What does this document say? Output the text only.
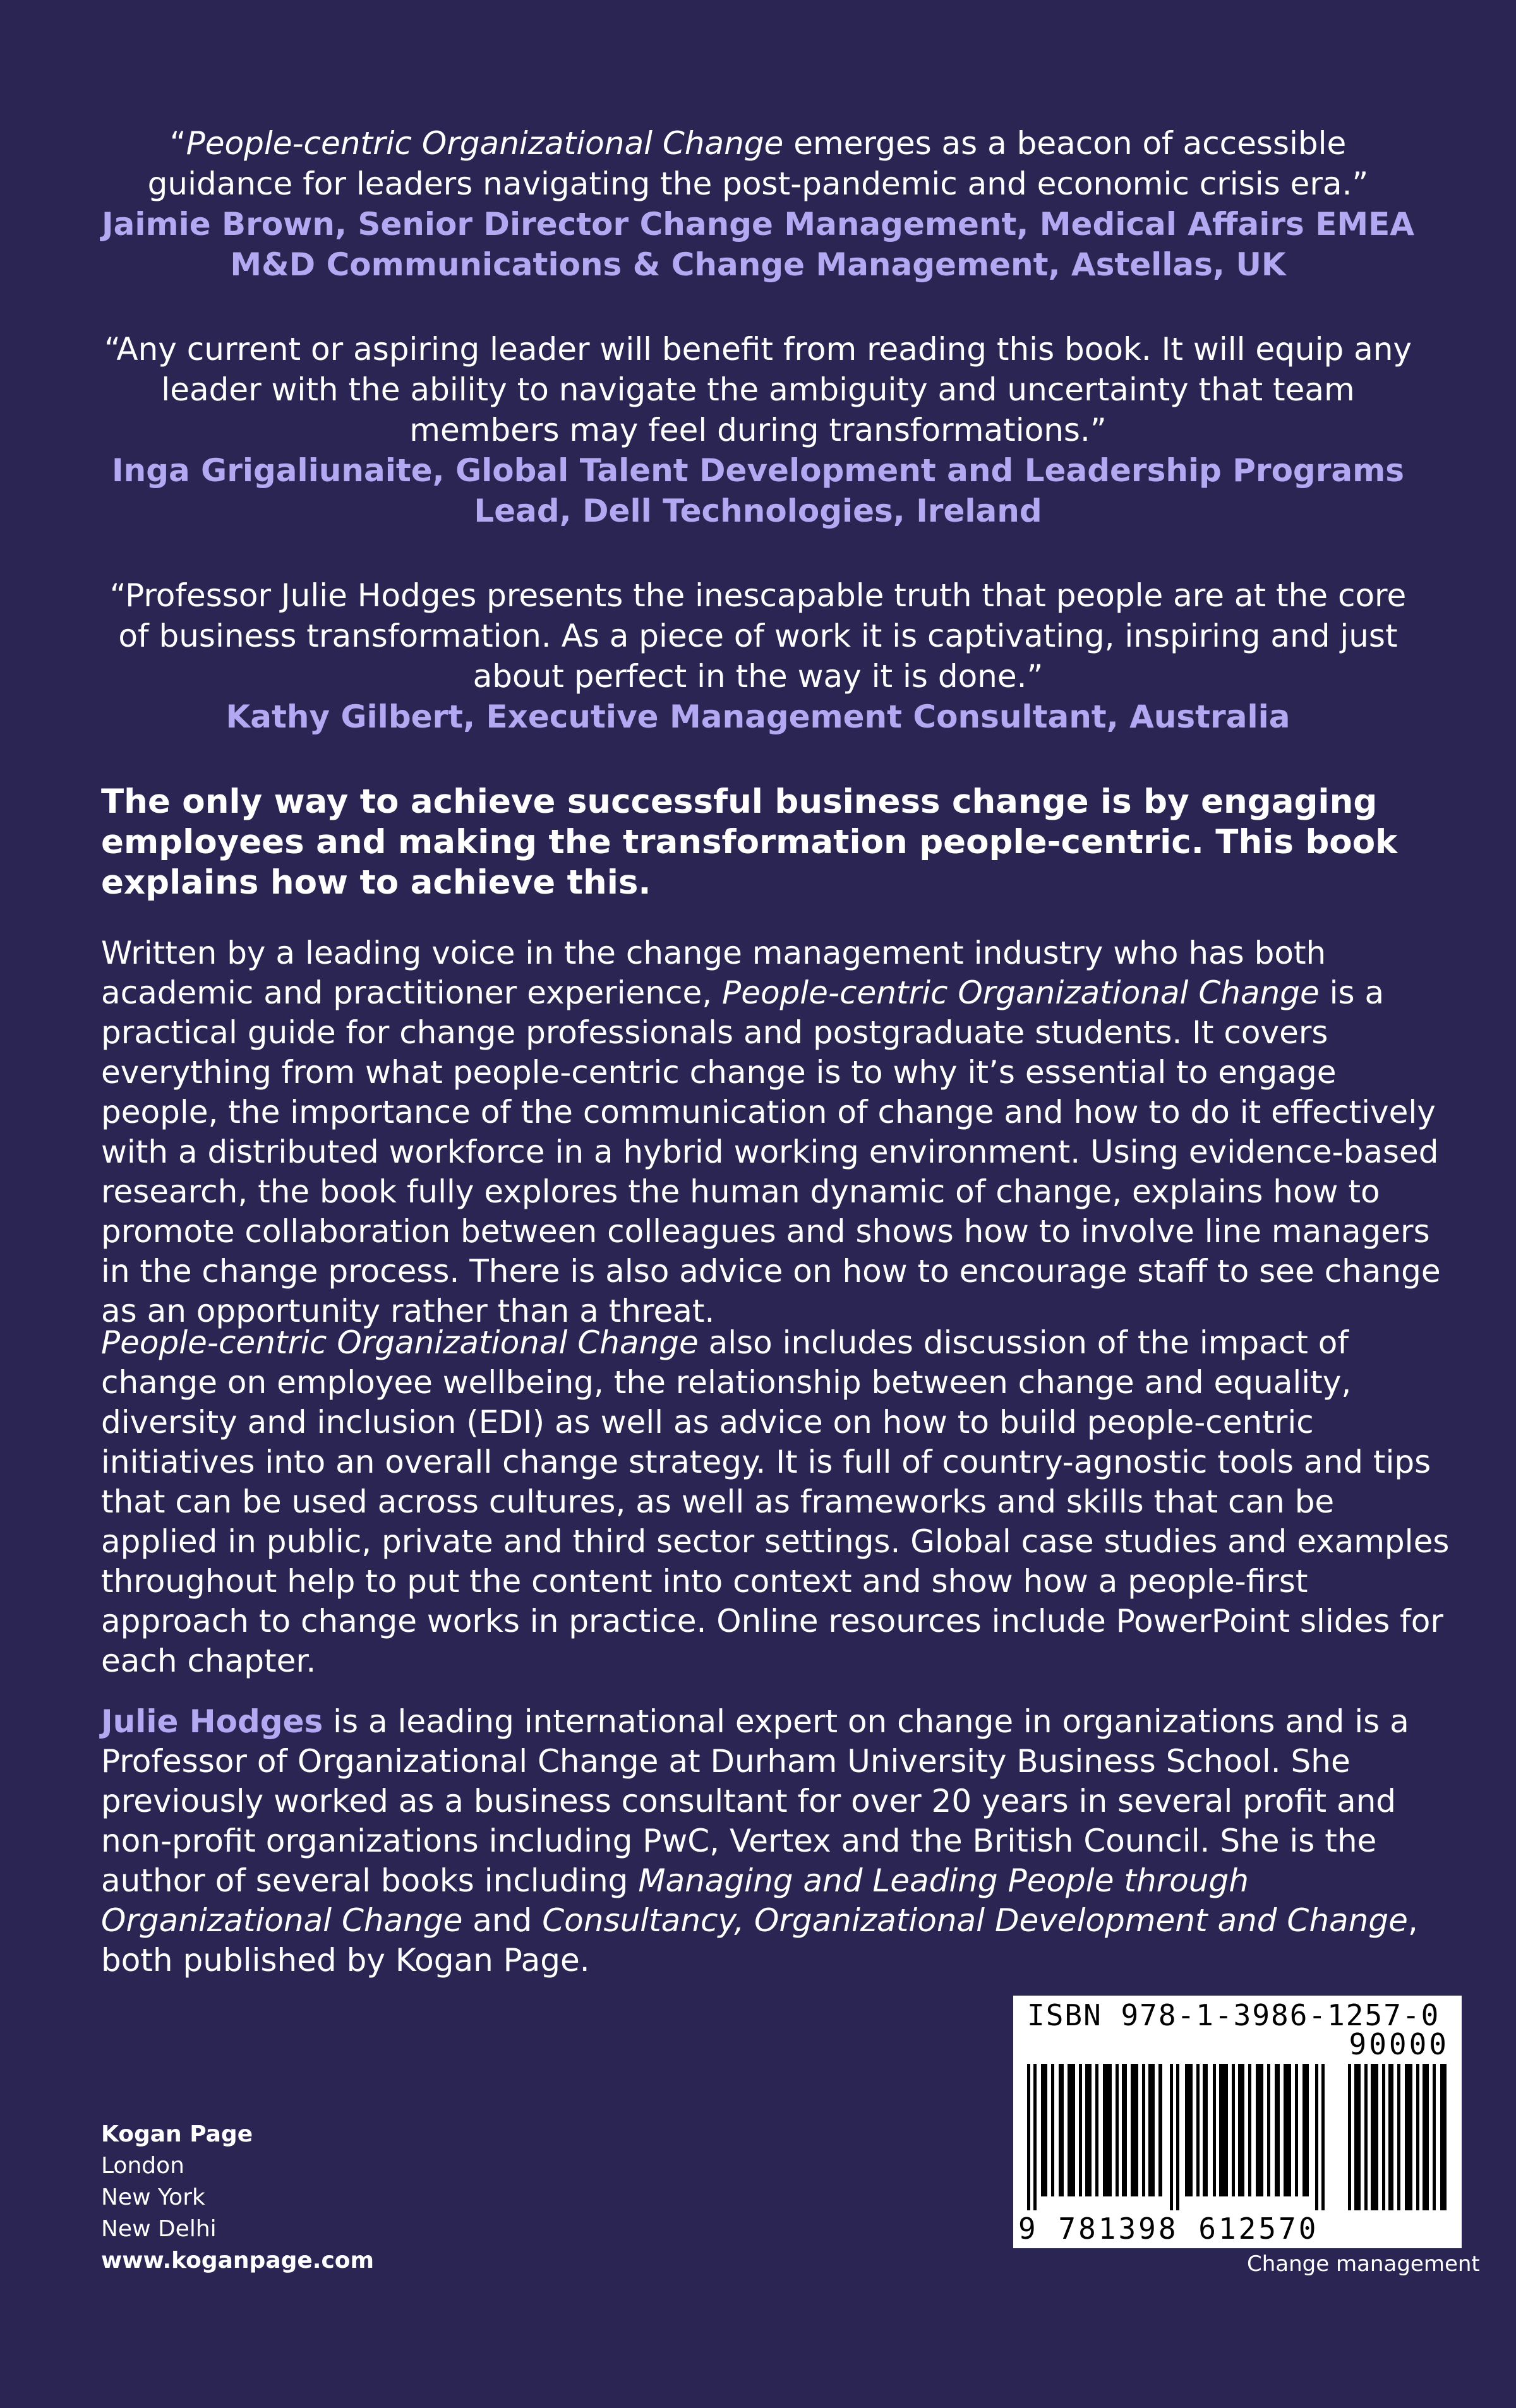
“People-centric Organizational Change emerges as a beacon of accessible guidance for leaders navigating the post-pandemic and economic crisis era.”
Jaimie Brown, Senior Director Change Management, Medical Affairs EMEA M&D Communications & Change Management, Astellas, UK
“Any current or aspiring leader will benefit from reading this book. It will equip any leader with the ability to navigate the ambiguity and uncertainty that team members may feel during transformations.”
Inga Grigaliunaite, Global Talent Development and Leadership Programs Lead, Dell Technologies, Ireland
“Professor Julie Hodges presents the inescapable truth that people are at the core of business transformation. As a piece of work it is captivating, inspiring and just about perfect in the way it is done.”
Kathy Gilbert, Executive Management Consultant, Australia
The only way to achieve successful business change is by engaging employees and making the transformation people-centric. This book explains how to achieve this.
Written by a leading voice in the change management industry who has both academic and practitioner experience, People-centric Organizational Change is a practical guide for change professionals and postgraduate students. It covers everything from what people-centric change is to why it’s essential to engage people, the importance of the communication of change and how to do it effectively with a distributed workforce in a hybrid working environment. Using evidence-based research, the book fully explores the human dynamic of change, explains how to promote collaboration between colleagues and shows how to involve line managers in the change process. There is also advice on how to encourage staff to see change as an opportunity rather than a threat.
People-centric Organizational Change also includes discussion of the impact of change on employee wellbeing, the relationship between change and equality, diversity and inclusion (EDI) as well as advice on how to build people-centric initiatives into an overall change strategy. It is full of country-agnostic tools and tips that can be used across cultures, as well as frameworks and skills that can be applied in public, private and third sector settings. Global case studies and examples throughout help to put the content into context and show how a people-first approach to change works in practice. Online resources include PowerPoint slides for each chapter.
Julie Hodges is a leading international expert on change in organizations and is a Professor of Organizational Change at Durham University Business School. She previously worked as a business consultant for over 20 years in several profit and non-profit organizations including PwC, Vertex and the British Council. She is the author of several books including Managing and Leading People through Organizational Change and Consultancy, Organizational Development and Change, both published by Kogan Page.
Kogan Page
London
New York
New Delhi
www.koganpage.com
ISBN 978-1-3986-1257-0
90000
9 781398 612570
Change management
